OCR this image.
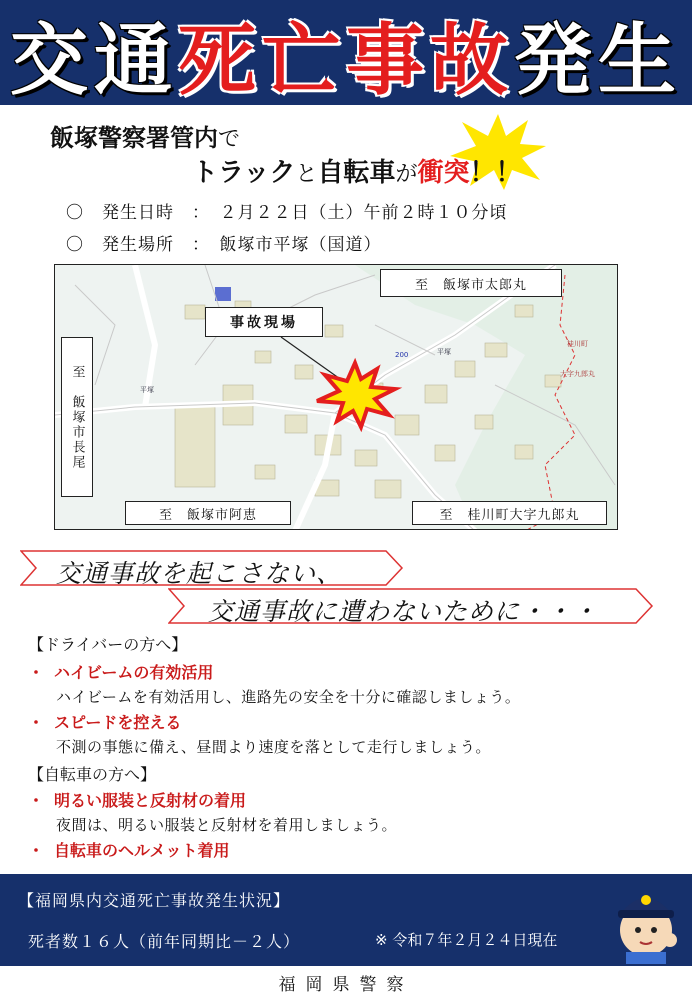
交通 死亡事故 発生
飯塚警察署管内で
トラックと自転車が衝突！！
〇　発生日時　：　２月２２日（土）午前２時１０分頃
〇　発生場所　：　飯塚市平塚（国道）
200
平塚
平塚
桂川町
大字九郎丸
至　飯塚市太郎丸
至　飯塚市長尾
至　飯塚市阿恵	至　桂川町大字九郎丸
事故現場
交通事故を起こさない、
交通事故に遭わないために・・・
【ドライバーの方へ】
・ ハイビームの有効活用
ハイビームを有効活用し、進路先の安全を十分に確認しましょう。
・ スピードを控える
不測の事態に備え、昼間より速度を落として走行しましょう。
【自転車の方へ】
・ 明るい服装と反射材の着用
夜間は、明るい服装と反射材を着用しましょう。
・ 自転車のヘルメット着用
【福岡県内交通死亡事故発生状況】
死者数１６人（前年同期比－２人）	※ 令和７年２月２４日現在
福岡県警察
